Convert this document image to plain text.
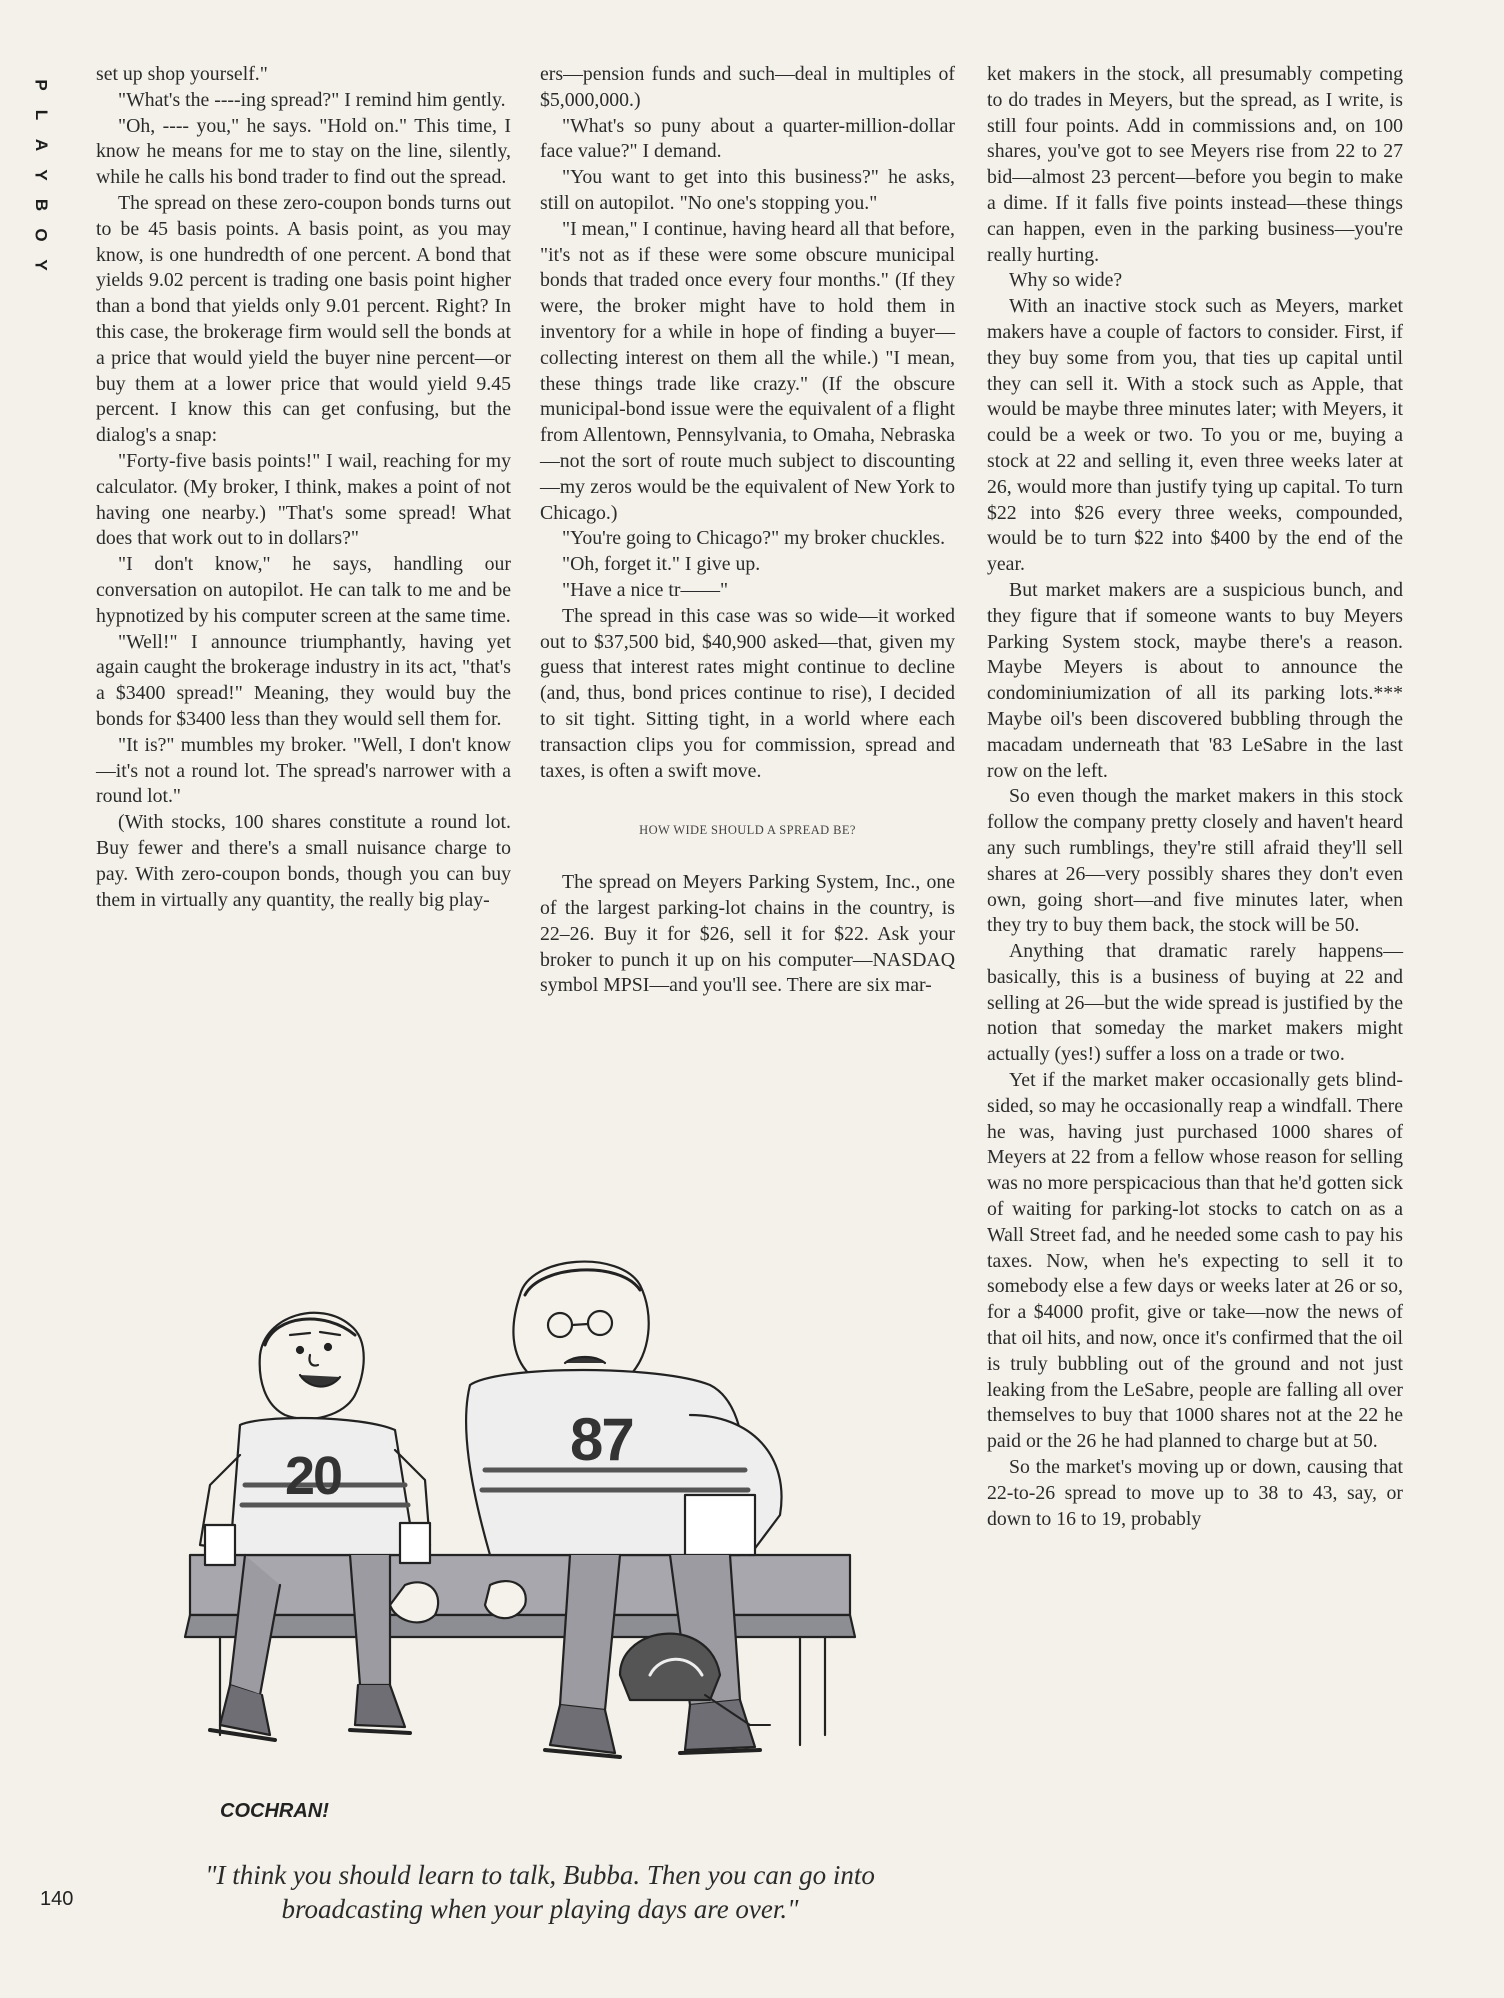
P
L
A
Y
B
O
Y

set up shop yourself."

"What's the ----ing spread?" I remind him gently.

"Oh, ---- you," he says. "Hold on." This time, I know he means for me to stay on the line, silently, while he calls his bond trader to find out the spread.

The spread on these zero-coupon bonds turns out to be 45 basis points. A basis point, as you may know, is one hundredth of one percent. A bond that yields 9.02 percent is trading one basis point higher than a bond that yields only 9.01 percent. Right? In this case, the brokerage firm would sell the bonds at a price that would yield the buyer nine percent—or buy them at a lower price that would yield 9.45 percent. I know this can get confusing, but the dialog's a snap:

"Forty-five basis points!" I wail, reaching for my calculator. (My broker, I think, makes a point of not having one nearby.) "That's some spread! What does that work out to in dollars?"

"I don't know," he says, handling our conversation on autopilot. He can talk to me and be hypnotized by his computer screen at the same time.

"Well!" I announce triumphantly, having yet again caught the brokerage industry in its act, "that's a $3400 spread!" Meaning, they would buy the bonds for $3400 less than they would sell them for.

"It is?" mumbles my broker. "Well, I don't know—it's not a round lot. The spread's narrower with a round lot."

(With stocks, 100 shares constitute a round lot. Buy fewer and there's a small nuisance charge to pay. With zero-coupon bonds, though you can buy them in virtually any quantity, the really big play-

ers—pension funds and such—deal in multiples of $5,000,000.)

"What's so puny about a quarter-million-dollar face value?" I demand.

"You want to get into this business?" he asks, still on autopilot. "No one's stopping you."

"I mean," I continue, having heard all that before, "it's not as if these were some obscure municipal bonds that traded once every four months." (If they were, the broker might have to hold them in inventory for a while in hope of finding a buyer—collecting interest on them all the while.) "I mean, these things trade like crazy." (If the obscure municipal-bond issue were the equivalent of a flight from Allentown, Pennsylvania, to Omaha, Nebraska—not the sort of route much subject to discounting—my zeros would be the equivalent of New York to Chicago.)

"You're going to Chicago?" my broker chuckles.

"Oh, forget it." I give up.

"Have a nice tr——"

The spread in this case was so wide—it worked out to $37,500 bid, $40,900 asked—that, given my guess that interest rates might continue to decline (and, thus, bond prices continue to rise), I decided to sit tight. Sitting tight, in a world where each transaction clips you for commission, spread and taxes, is often a swift move.

HOW WIDE SHOULD A SPREAD BE?

The spread on Meyers Parking System, Inc., one of the largest parking-lot chains in the country, is 22–26. Buy it for $26, sell it for $22. Ask your broker to punch it up on his computer—NASDAQ symbol MPSI—and you'll see. There are six mar-

ket makers in the stock, all presumably competing to do trades in Meyers, but the spread, as I write, is still four points. Add in commissions and, on 100 shares, you've got to see Meyers rise from 22 to 27 bid—almost 23 percent—before you begin to make a dime. If it falls five points instead—these things can happen, even in the parking business—you're really hurting.

Why so wide?

With an inactive stock such as Meyers, market makers have a couple of factors to consider. First, if they buy some from you, that ties up capital until they can sell it. With a stock such as Apple, that would be maybe three minutes later; with Meyers, it could be a week or two. To you or me, buying a stock at 22 and selling it, even three weeks later at 26, would more than justify tying up capital. To turn $22 into $26 every three weeks, compounded, would be to turn $22 into $400 by the end of the year.

But market makers are a suspicious bunch, and they figure that if someone wants to buy Meyers Parking System stock, maybe there's a reason. Maybe Meyers is about to announce the condominiumization of all its parking lots.*** Maybe oil's been discovered bubbling through the macadam underneath that '83 LeSabre in the last row on the left.

So even though the market makers in this stock follow the company pretty closely and haven't heard any such rumblings, they're still afraid they'll sell shares at 26—very possibly shares they don't even own, going short—and five minutes later, when they try to buy them back, the stock will be 50.

Anything that dramatic rarely happens—basically, this is a business of buying at 22 and selling at 26—but the wide spread is justified by the notion that someday the market makers might actually (yes!) suffer a loss on a trade or two.

Yet if the market maker occasionally gets blind-sided, so may he occasionally reap a windfall. There he was, having just purchased 1000 shares of Meyers at 22 from a fellow whose reason for selling was no more perspicacious than that he'd gotten sick of waiting for parking-lot stocks to catch on as a Wall Street fad, and he needed some cash to pay his taxes. Now, when he's expecting to sell it to somebody else a few days or weeks later at 26 or so, for a $4000 profit, give or take—now the news of that oil hits, and now, once it's confirmed that the oil is truly bubbling out of the ground and not just leaking from the LeSabre, people are falling all over themselves to buy that 1000 shares not at the 22 he paid or the 26 he had planned to charge but at 50.

So the market's moving up or down, causing that 22-to-26 spread to move up to 38 to 43, say, or down to 16 to 19, probably

20
87
COCHRAN!
"I think you should learn to talk, Bubba. Then you can go into broadcasting when your playing days are over."
140
